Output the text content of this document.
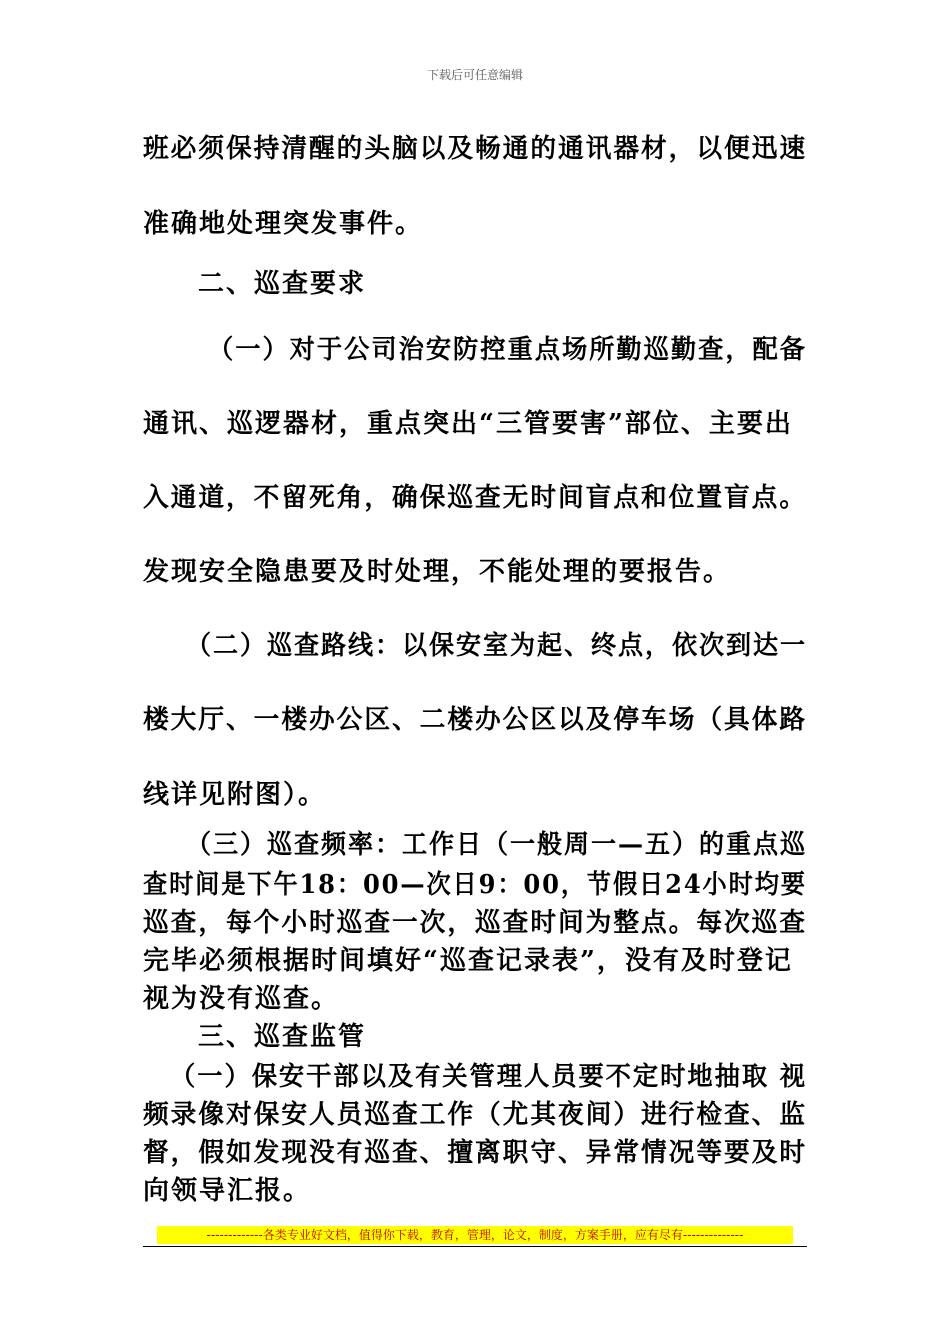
下载后可任意编辑
班必须保持清醒的头脑以及畅通的通讯器材，以便迅速
准确地处理突发事件。
二、巡查要求
（一）对于公司治安防控重点场所勤巡勤查，配备
通讯、巡逻器材，重点突出“三管要害”部位、主要出
入通道，不留死角，确保巡查无时间盲点和位置盲点。
发现安全隐患要及时处理，不能处理的要报告。
（二）巡查路线：以保安室为起、终点，依次到达一
楼大厅、一楼办公区、二楼办公区以及停车场（具体路
线详见附图）。
（三）巡查频率：工作日（一般周一—五）的重点巡
查时间是下午18：00—次日9：00，节假日24小时均要
巡查，每个小时巡查一次，巡查时间为整点。每次巡查
完毕必须根据时间填好“巡查记录表”，没有及时登记
视为没有巡查。
三、巡查监管
（一）保安干部以及有关管理人员要不定时地抽取 视
频录像对保安人员巡查工作（尤其夜间）进行检查、监
督，假如发现没有巡查、擅离职守、异常情况等要及时
向领导汇报。
-------------各类专业好文档，值得你下载，教育，管理，论文，制度，方案手册，应有尽有--------------
